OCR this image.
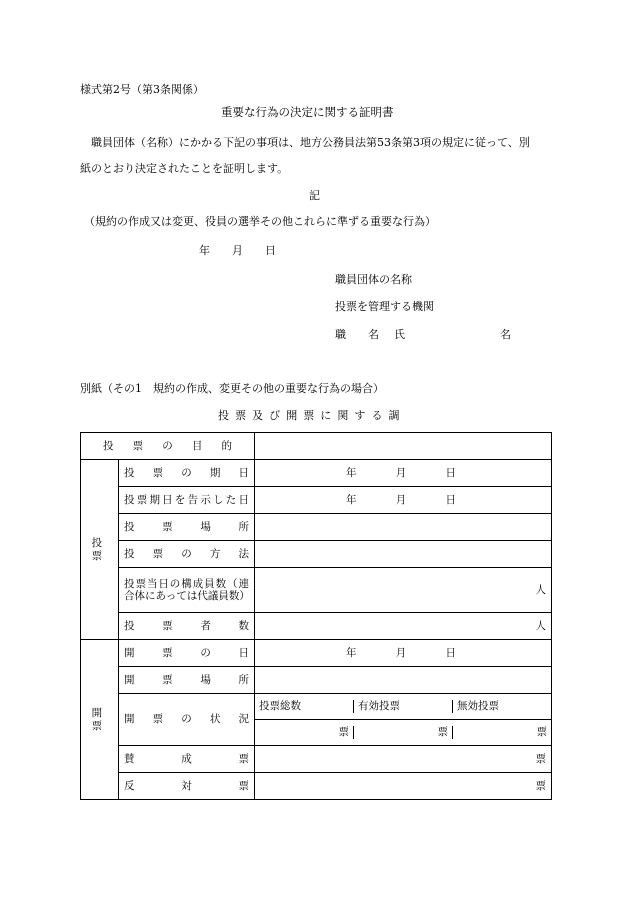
様式第2号（第3条関係）
重要な行為の決定に関する証明書
職員団体（名称）にかかる下記の事項は、地方公務員法第53条第3項の規定に従って、別
紙のとおり決定されたことを証明します。
記
（規約の作成又は変更、役員の選挙その他これらに準ずる重要な行為）
年 月 日
職員団体の名称
投票を管理する機関
職　名 氏	名
別紙（その1　規約の作成、変更その他の重要な行為の場合）
投票及び開票に関する調
投票の目的		

投票	投票の期日	年 月 日

	投票期日を告示した日	年 月 日

	投票場所	

	投票の方法	

	投票当日の構成員数（連合体にあっては代議員数）	人

	投票者数	人
開票	開票の日	年 月 日

	開票場所	

	開票の状況	投票総数 有効投票 無効投票

票 票 票

	賛成票	票

	反対票	票
